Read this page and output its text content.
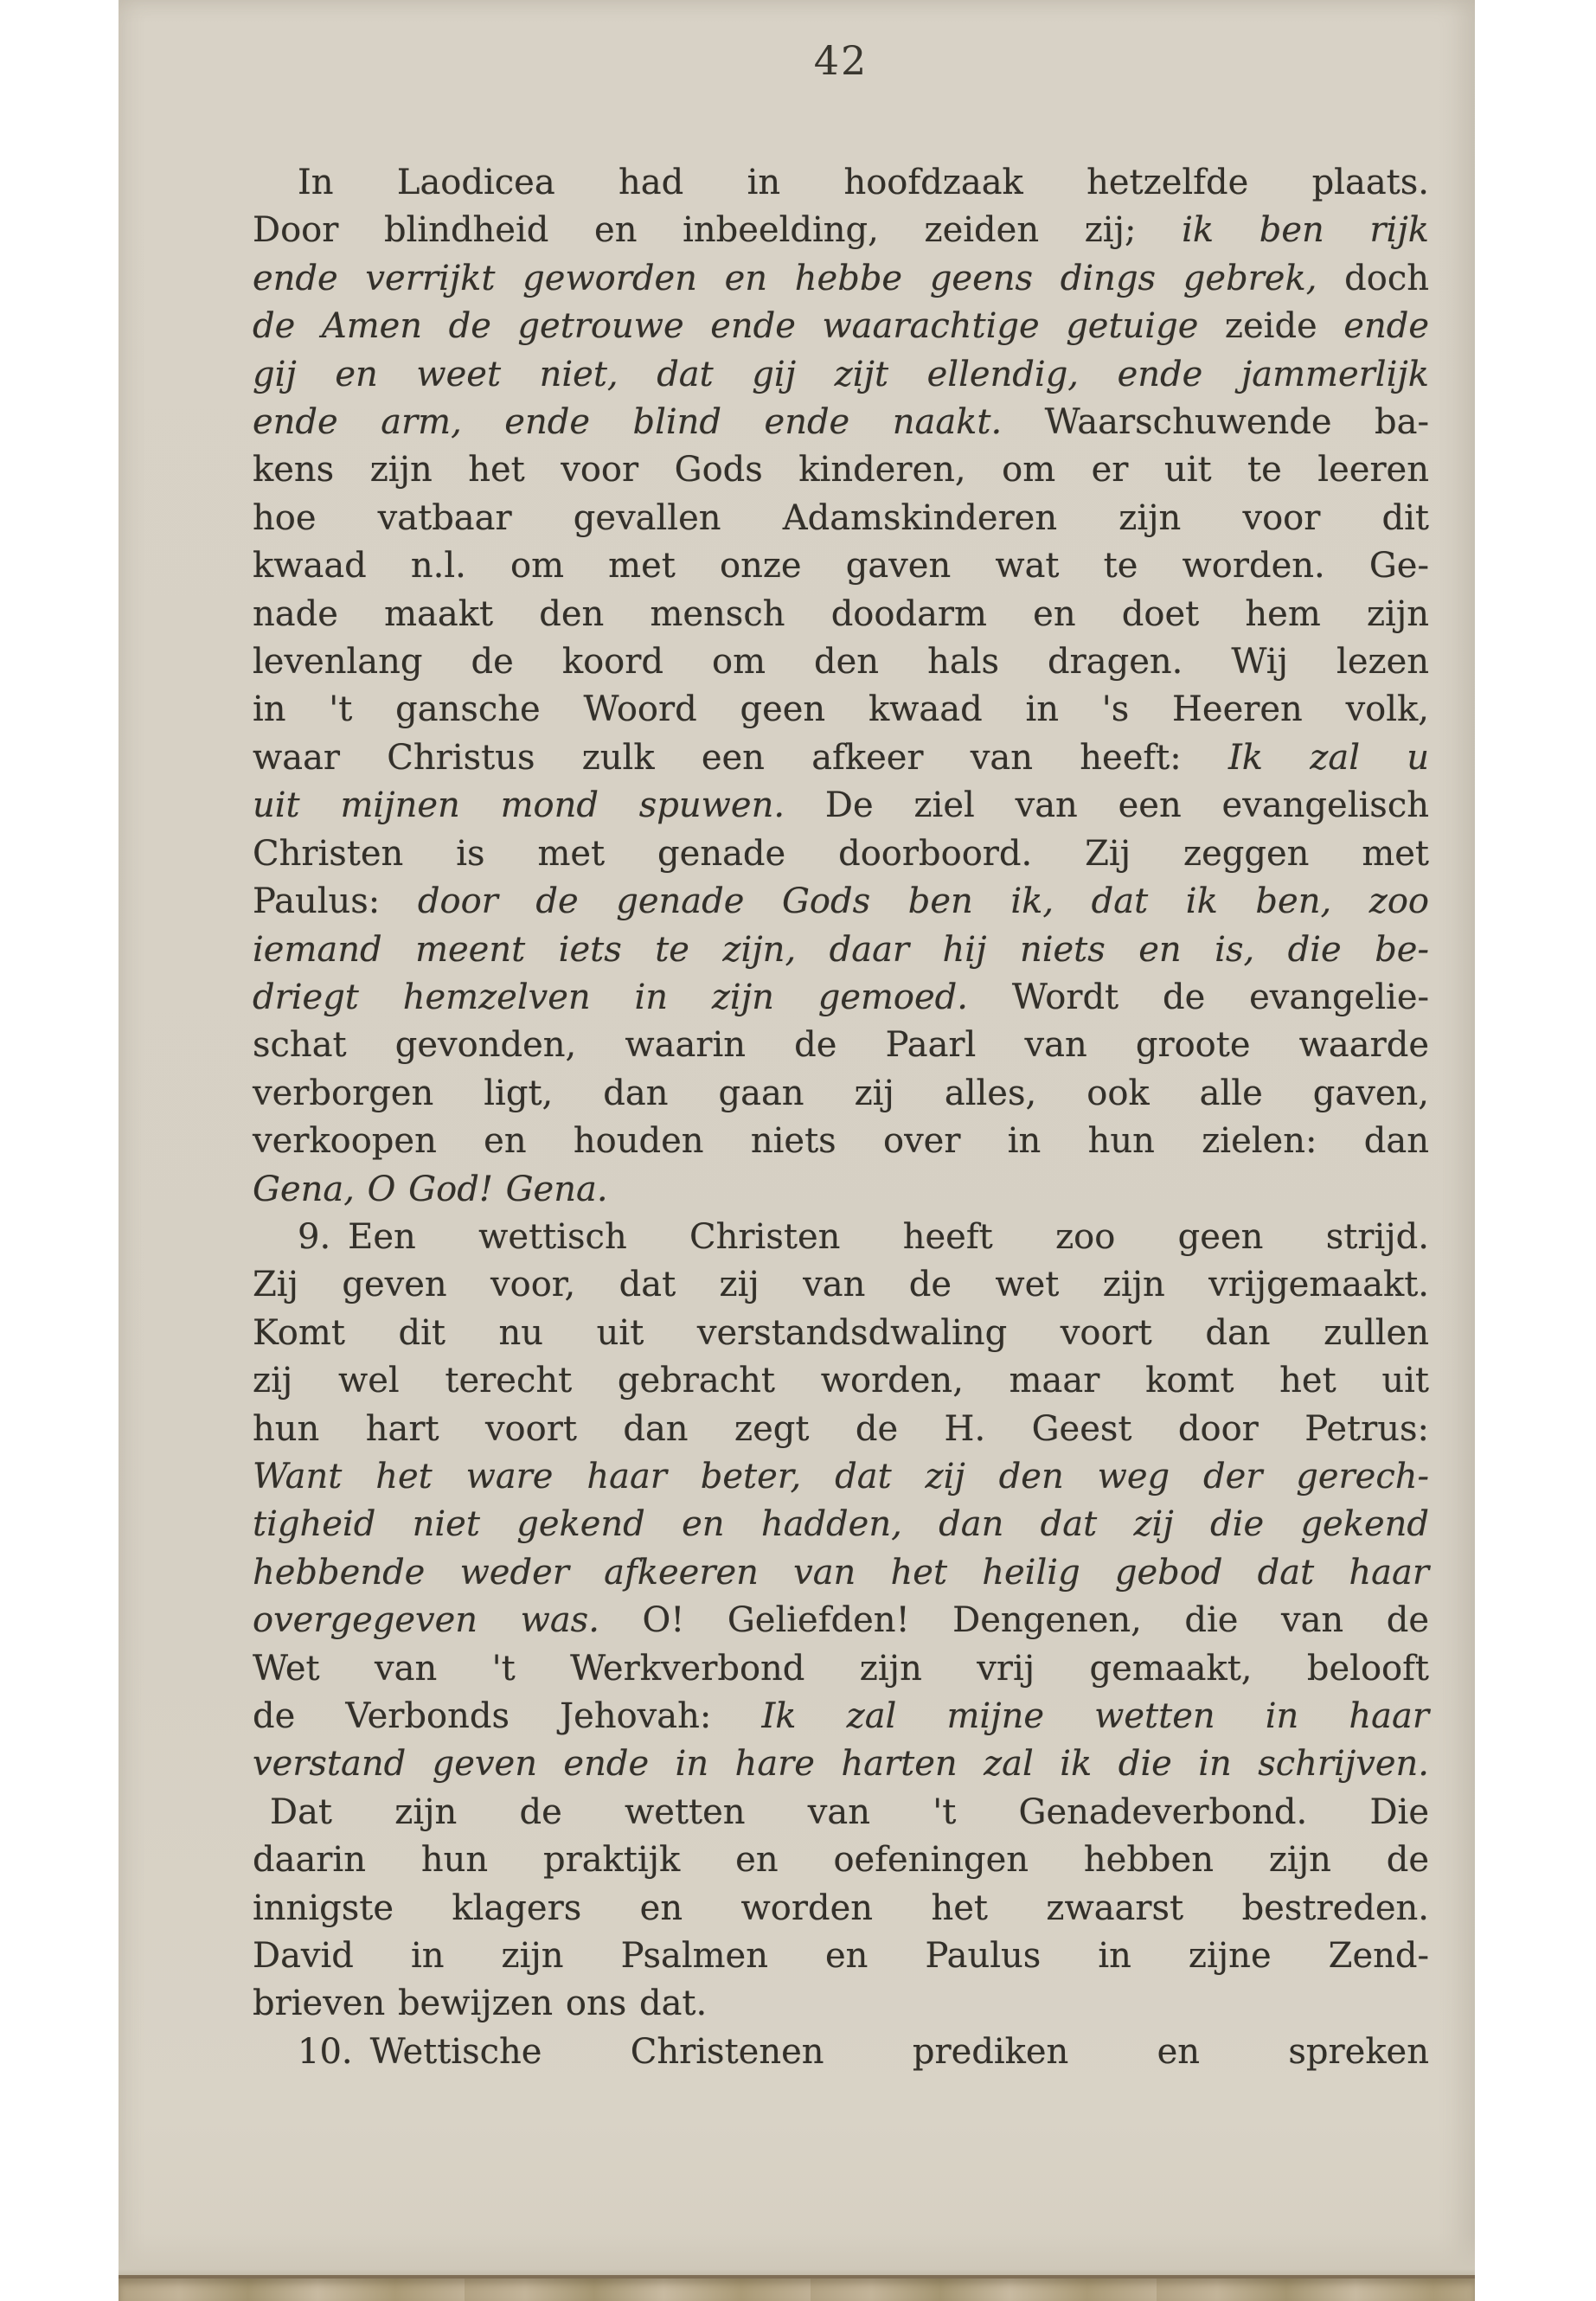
42
In Laodicea had in hoofdzaak hetzelfde plaats.
Door blindheid en inbeelding, zeiden zij; ik ben rijk
ende verrijkt geworden en hebbe geens dings gebrek, doch
de Amen de getrouwe ende waarachtige getuige zeide ende
gij en weet niet, dat gij zijt ellendig, ende jammerlijk
ende arm, ende blind ende naakt. Waarschuwende ba-
kens zijn het voor Gods kinderen, om er uit te leeren
hoe vatbaar gevallen Adamskinderen zijn voor dit
kwaad n.l. om met onze gaven wat te worden. Ge-
nade maakt den mensch doodarm en doet hem zijn
levenlang de koord om den hals dragen. Wij lezen
in 't gansche Woord geen kwaad in 's Heeren volk,
waar Christus zulk een afkeer van heeft: Ik zal u
uit mijnen mond spuwen. De ziel van een evangelisch
Christen is met genade doorboord. Zij zeggen met
Paulus: door de genade Gods ben ik, dat ik ben, zoo
iemand meent iets te zijn, daar hij niets en is, die be-
driegt hemzelven in zijn gemoed. Wordt de evangelie-
schat gevonden, waarin de Paarl van groote waarde
verborgen ligt, dan gaan zij alles, ook alle gaven,
verkoopen en houden niets over in hun zielen: dan
Gena, O God! Gena.
9. Een wettisch Christen heeft zoo geen strijd.
Zij geven voor, dat zij van de wet zijn vrijgemaakt.
Komt dit nu uit verstandsdwaling voort dan zullen
zij wel terecht gebracht worden, maar komt het uit
hun hart voort dan zegt de H. Geest door Petrus:
Want het ware haar beter, dat zij den weg der gerech-
tigheid niet gekend en hadden, dan dat zij die gekend
hebbende weder afkeeren van het heilig gebod dat haar
overgegeven was. O! Geliefden! Dengenen, die van de
Wet van 't Werkverbond zijn vrij gemaakt, belooft
de Verbonds Jehovah: Ik zal mijne wetten in haar
verstand geven ende in hare harten zal ik die in schrijven.
Dat zijn de wetten van 't Genadeverbond. Die
daarin hun praktijk en oefeningen hebben zijn de
innigste klagers en worden het zwaarst bestreden.
David in zijn Psalmen en Paulus in zijne Zend-
brieven bewijzen ons dat.
10. Wettische Christenen prediken en spreken
